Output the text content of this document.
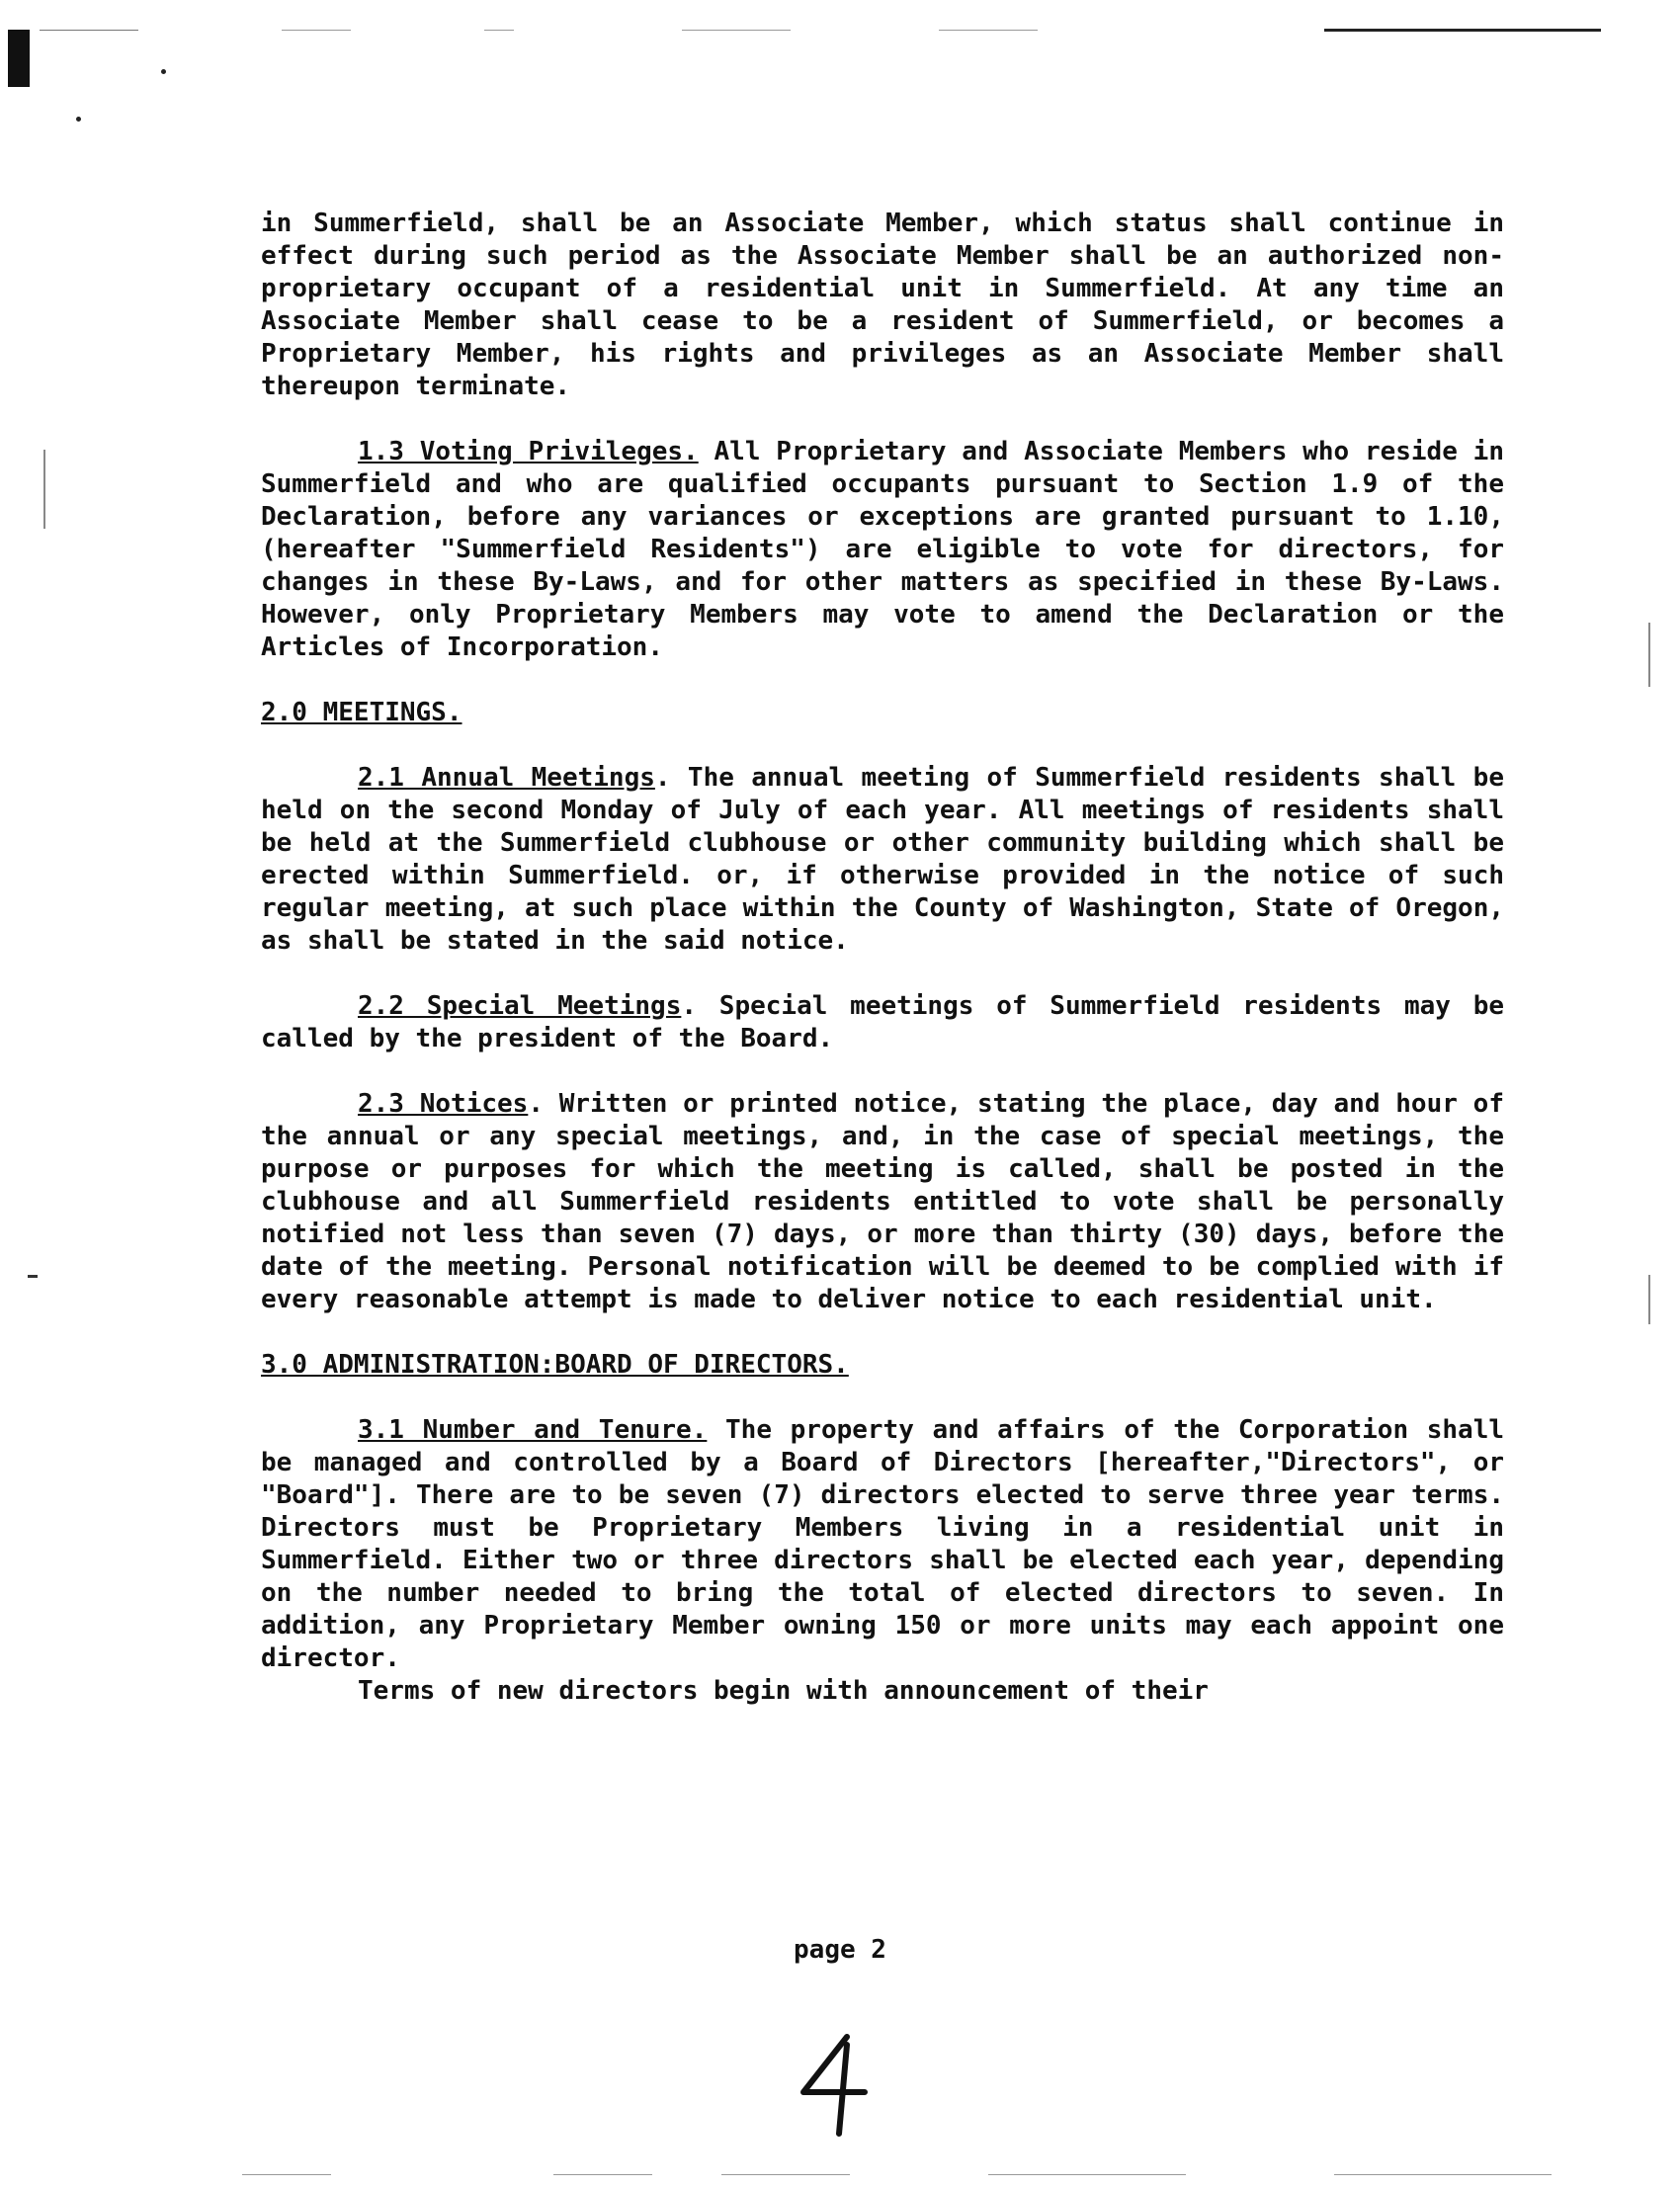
in Summerfield, shall be an Associate Member, which status shall continue in effect during such period as the Associate Member shall be an authorized non-proprietary occupant of a residential unit in Summerfield. At any time an Associate Member shall cease to be a resident of Summerfield, or becomes a Proprietary Member, his rights and privileges as an Associate Member shall thereupon terminate.

1.3 Voting Privileges. All Proprietary and Associate Members who reside in Summerfield and who are qualified occupants pursuant to Section 1.9 of the Declaration, before any variances or exceptions are granted pursuant to 1.10, (hereafter "Summerfield Residents") are eligible to vote for directors, for changes in these By-Laws, and for other matters as specified in these By-Laws. However, only Proprietary Members may vote to amend the Declaration or the Articles of Incorporation.

2.0 MEETINGS.

2.1 Annual Meetings. The annual meeting of Summerfield residents shall be held on the second Monday of July of each year. All meetings of residents shall be held at the Summerfield clubhouse or other community building which shall be erected within Summerfield. or, if otherwise provided in the notice of such regular meeting, at such place within the County of Washington, State of Oregon, as shall be stated in the said notice.

2.2 Special Meetings. Special meetings of Summerfield residents may be called by the president of the Board.

2.3 Notices. Written or printed notice, stating the place, day and hour of the annual or any special meetings, and, in the case of special meetings, the purpose or purposes for which the meeting is called, shall be posted in the clubhouse and all Summerfield residents entitled to vote shall be personally notified not less than seven (7) days, or more than thirty (30) days, before the date of the meeting. Personal notification will be deemed to be complied with if every reasonable attempt is made to deliver notice to each residential unit.

3.0 ADMINISTRATION:BOARD OF DIRECTORS.

3.1 Number and Tenure. The property and affairs of the Corporation shall be managed and controlled by a Board of Directors [hereafter,"Directors", or "Board"]. There are to be seven (7) directors elected to serve three year terms. Directors must be Proprietary Members living in a residential unit in Summerfield. Either two or three directors shall be elected each year, depending on the number needed to bring the total of elected directors to seven. In addition, any Proprietary Member owning 150 or more units may each appoint one director.

Terms of new directors begin with announcement of their

page 2
